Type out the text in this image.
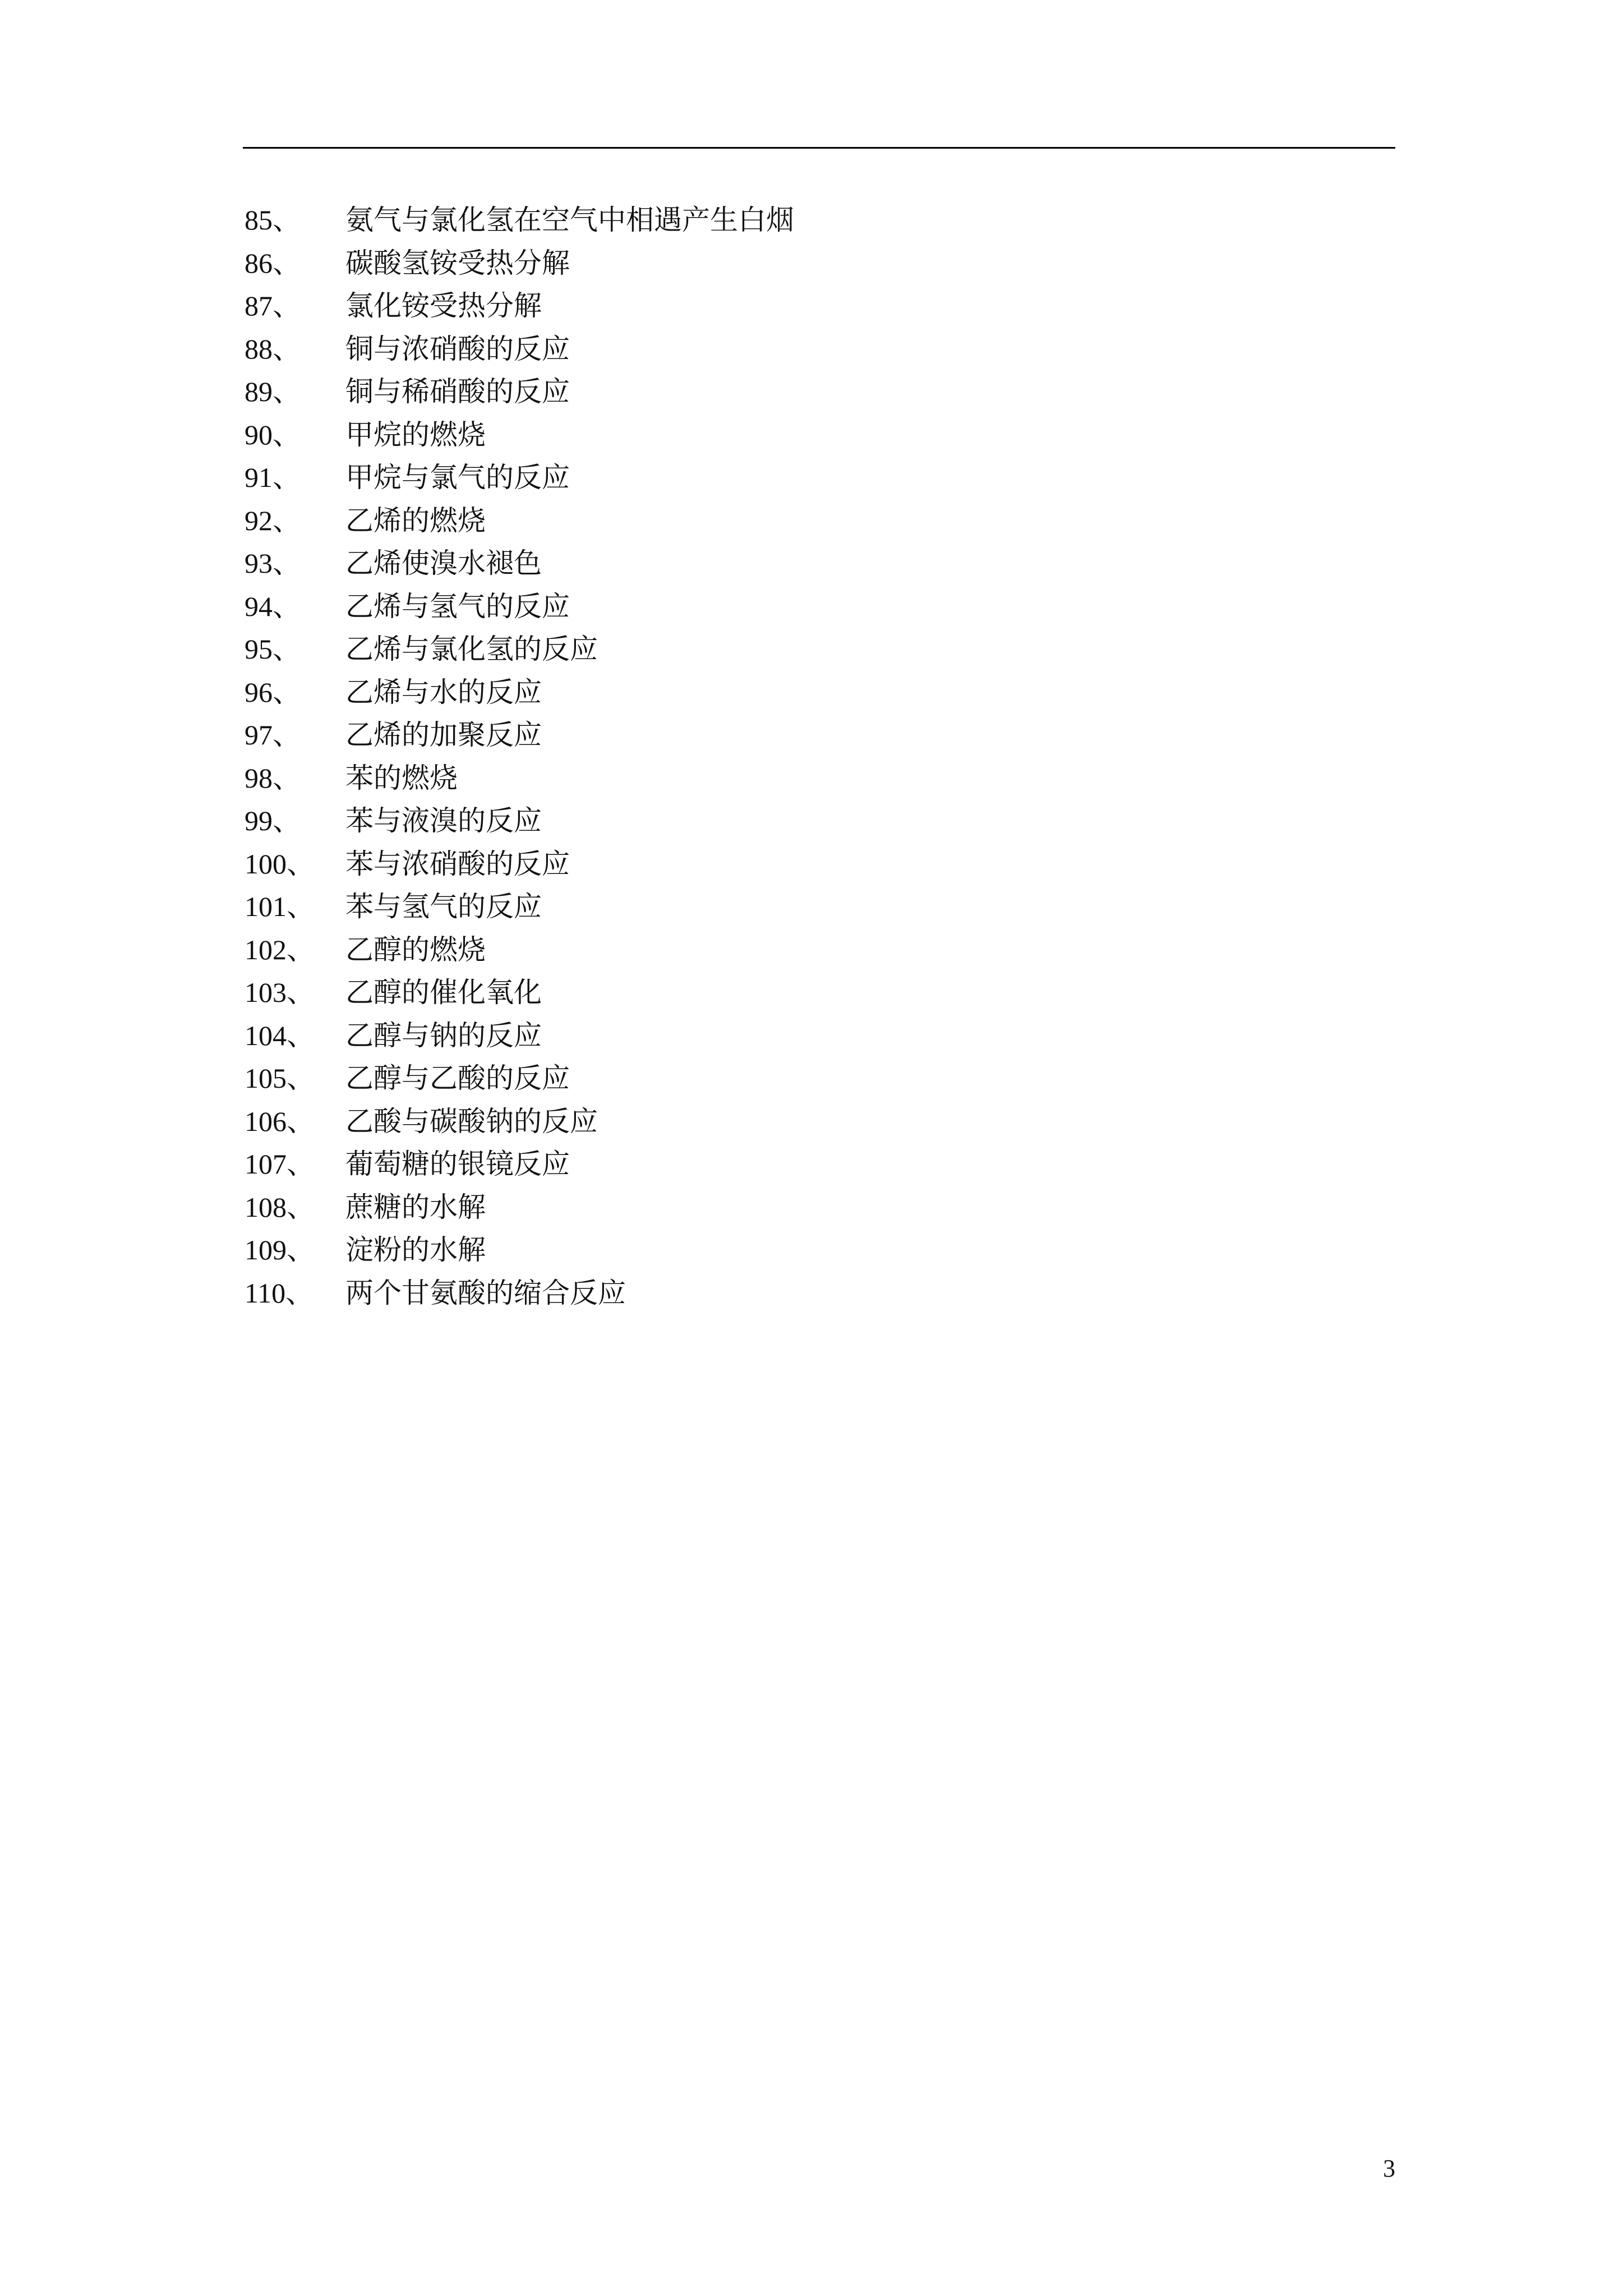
85、	氨气与氯化氢在空气中相遇产生白烟
86、	碳酸氢铵受热分解
87、	氯化铵受热分解
88、	铜与浓硝酸的反应
89、	铜与稀硝酸的反应
90、	甲烷的燃烧
91、	甲烷与氯气的反应
92、	乙烯的燃烧
93、	乙烯使溴水褪色
94、	乙烯与氢气的反应
95、	乙烯与氯化氢的反应
96、	乙烯与水的反应
97、	乙烯的加聚反应
98、	苯的燃烧
99、	苯与液溴的反应
100、	苯与浓硝酸的反应
101、	苯与氢气的反应
102、	乙醇的燃烧
103、	乙醇的催化氧化
104、	乙醇与钠的反应
105、	乙醇与乙酸的反应
106、	乙酸与碳酸钠的反应
107、	葡萄糖的银镜反应
108、	蔗糖的水解
109、	淀粉的水解
110、	两个甘氨酸的缩合反应
3
